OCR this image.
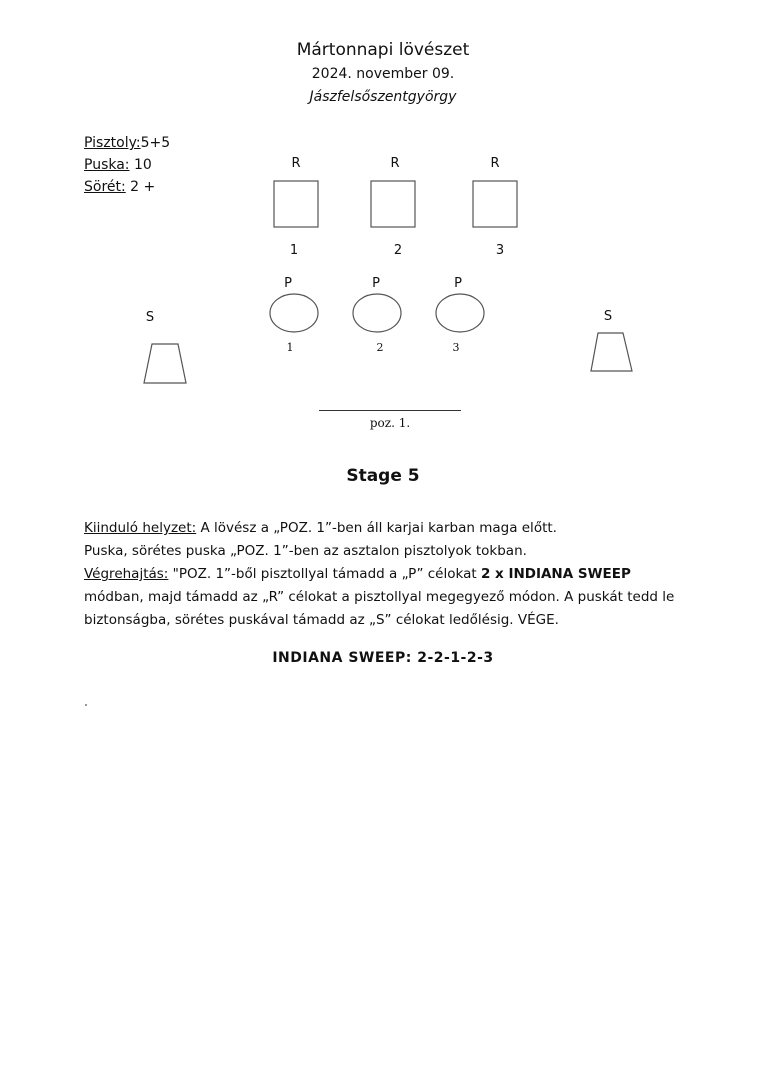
Mártonnapi lövészet
2024. november 09.
Jászfelsőszentgyörgy
Pisztoly:5+5
Puska: 10
Sörét: 2 +
R	R	R
1	2	3
P	P	P
1	2	3
S	S
poz. 1.
Stage 5
Kiinduló helyzet: A lövész a „POZ. 1”-ben áll karjai karban maga előtt.
Puska, sörétes puska „POZ. 1”-ben az asztalon pisztolyok tokban.
Végrehajtás: "POZ. 1”-ből pisztollyal támadd a „P” célokat 2 x INDIANA SWEEP
módban, majd támadd az „R” célokat a pisztollyal megegyező módon. A puskát tedd le
biztonságba, sörétes puskával támadd az „S” célokat ledőlésig. VÉGE.
INDIANA SWEEP: 2-2-1-2-3
